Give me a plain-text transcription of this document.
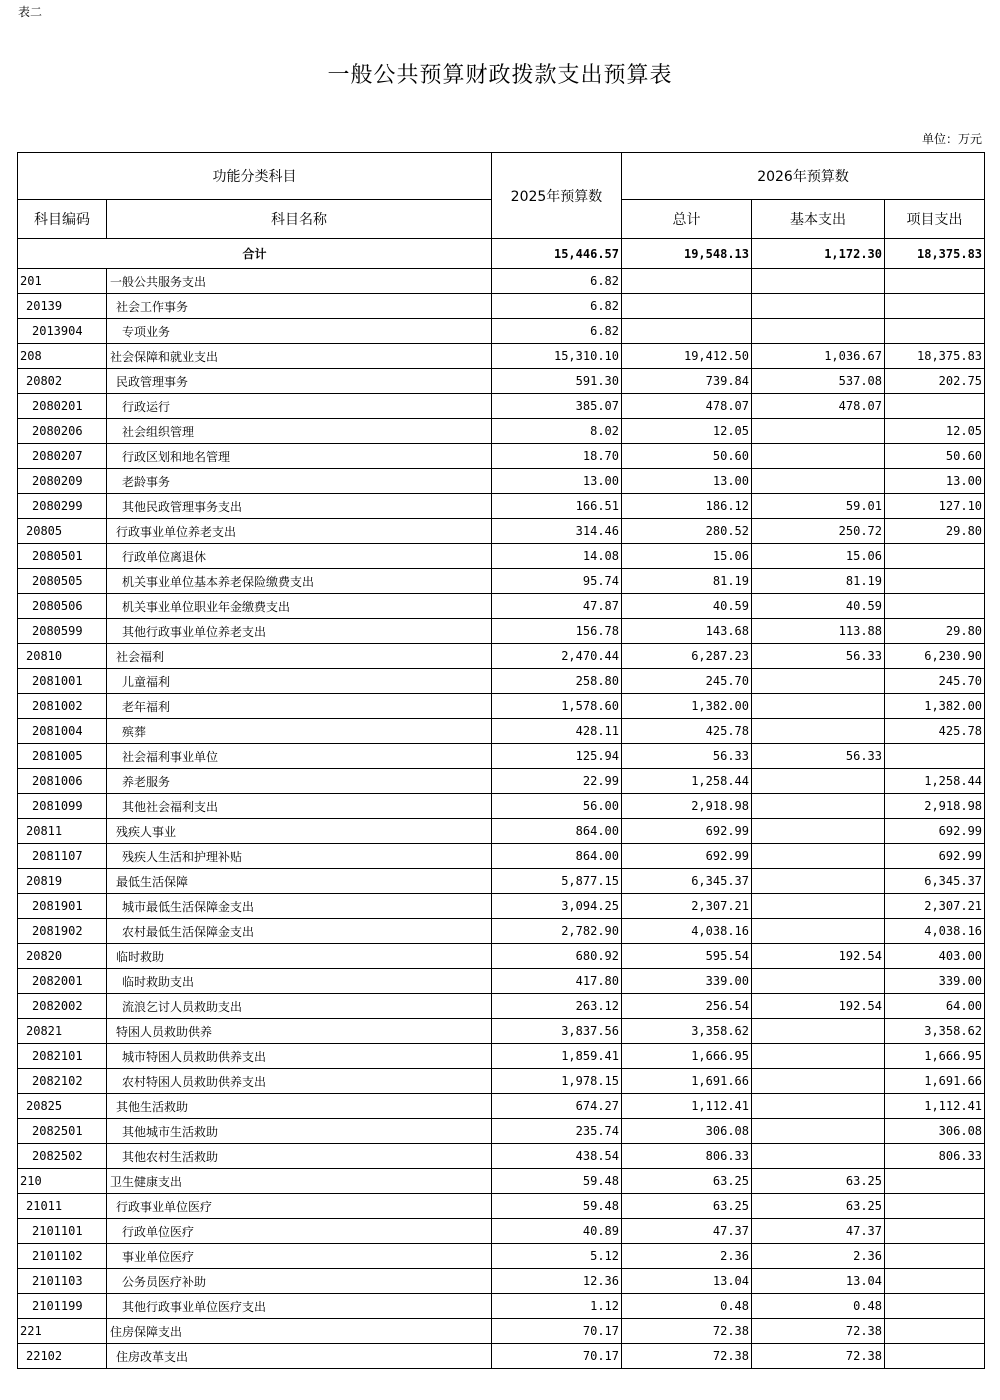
表二
一般公共预算财政拨款支出预算表
单位：万元
功能分类科目		2025年预算数	2026年预算数		
科目编码	科目名称		总计	基本支出	项目支出
合计		15,446.57	19,548.13	1,172.30	18,375.83
201	一般公共服务支出	6.82			
20139	社会工作事务	6.82			
2013904	专项业务	6.82			
208	社会保障和就业支出	15,310.10	19,412.50	1,036.67	18,375.83
20802	民政管理事务	591.30	739.84	537.08	202.75
2080201	行政运行	385.07	478.07	478.07	
2080206	社会组织管理	8.02	12.05		12.05
2080207	行政区划和地名管理	18.70	50.60		50.60
2080209	老龄事务	13.00	13.00		13.00
2080299	其他民政管理事务支出	166.51	186.12	59.01	127.10
20805	行政事业单位养老支出	314.46	280.52	250.72	29.80
2080501	行政单位离退休	14.08	15.06	15.06	
2080505	机关事业单位基本养老保险缴费支出	95.74	81.19	81.19	
2080506	机关事业单位职业年金缴费支出	47.87	40.59	40.59	
2080599	其他行政事业单位养老支出	156.78	143.68	113.88	29.80
20810	社会福利	2,470.44	6,287.23	56.33	6,230.90
2081001	儿童福利	258.80	245.70		245.70
2081002	老年福利	1,578.60	1,382.00		1,382.00
2081004	殡葬	428.11	425.78		425.78
2081005	社会福利事业单位	125.94	56.33	56.33	
2081006	养老服务	22.99	1,258.44		1,258.44
2081099	其他社会福利支出	56.00	2,918.98		2,918.98
20811	残疾人事业	864.00	692.99		692.99
2081107	残疾人生活和护理补贴	864.00	692.99		692.99
20819	最低生活保障	5,877.15	6,345.37		6,345.37
2081901	城市最低生活保障金支出	3,094.25	2,307.21		2,307.21
2081902	农村最低生活保障金支出	2,782.90	4,038.16		4,038.16
20820	临时救助	680.92	595.54	192.54	403.00
2082001	临时救助支出	417.80	339.00		339.00
2082002	流浪乞讨人员救助支出	263.12	256.54	192.54	64.00
20821	特困人员救助供养	3,837.56	3,358.62		3,358.62
2082101	城市特困人员救助供养支出	1,859.41	1,666.95		1,666.95
2082102	农村特困人员救助供养支出	1,978.15	1,691.66		1,691.66
20825	其他生活救助	674.27	1,112.41		1,112.41
2082501	其他城市生活救助	235.74	306.08		306.08
2082502	其他农村生活救助	438.54	806.33		806.33
210	卫生健康支出	59.48	63.25	63.25	
21011	行政事业单位医疗	59.48	63.25	63.25	
2101101	行政单位医疗	40.89	47.37	47.37	
2101102	事业单位医疗	5.12	2.36	2.36	
2101103	公务员医疗补助	12.36	13.04	13.04	
2101199	其他行政事业单位医疗支出	1.12	0.48	0.48	
221	住房保障支出	70.17	72.38	72.38	
22102	住房改革支出	70.17	72.38	72.38	
